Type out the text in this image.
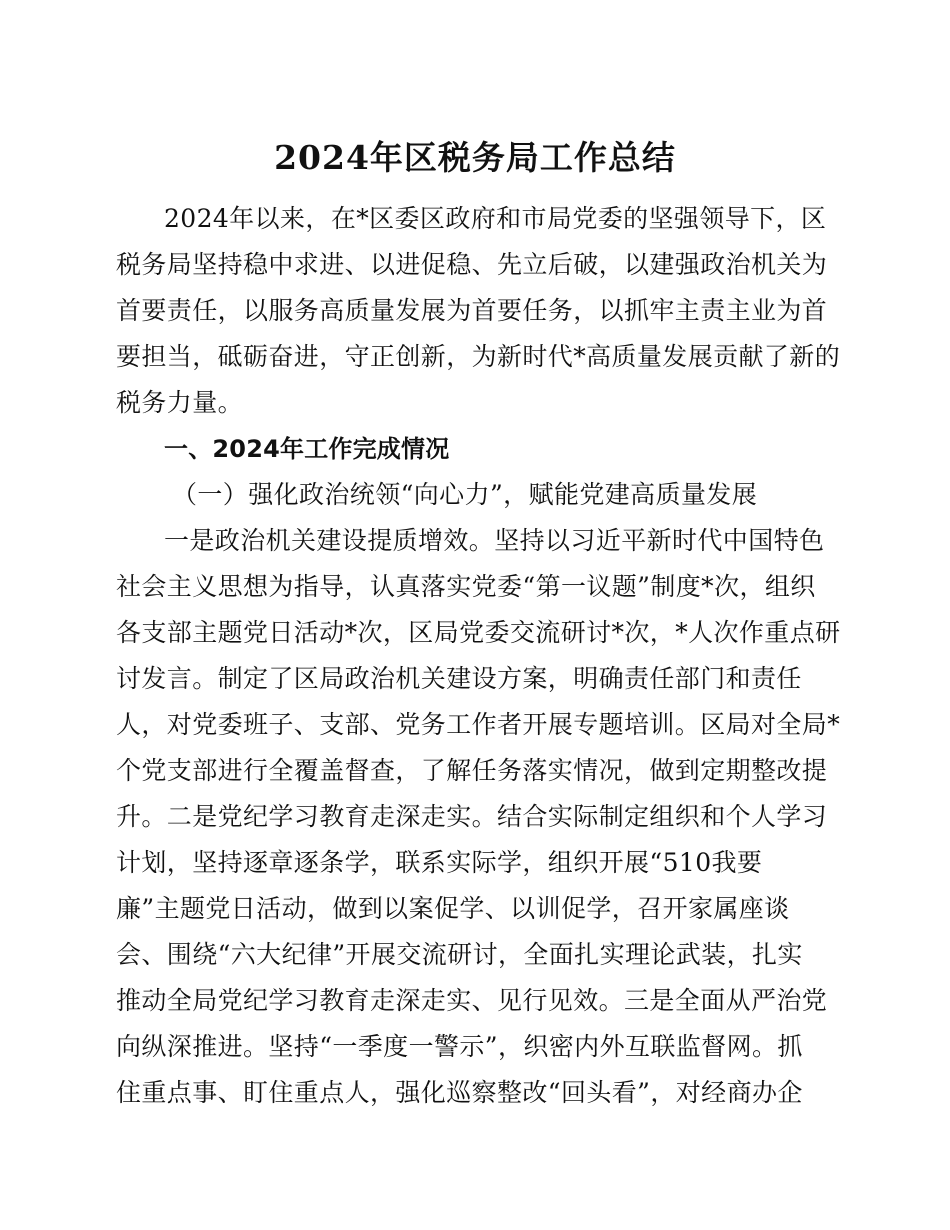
2024年区税务局工作总结
2024年以来，在*区委区政府和市局党委的坚强领导下，区
税务局坚持稳中求进、以进促稳、先立后破，以建强政治机关为
首要责任，以服务高质量发展为首要任务，以抓牢主责主业为首
要担当，砥砺奋进，守正创新，为新时代*高质量发展贡献了新的
税务力量。
一、2024年工作完成情况
（一）强化政治统领“向心力”，赋能党建高质量发展
一是政治机关建设提质增效。坚持以习近平新时代中国特色
社会主义思想为指导，认真落实党委“第一议题”制度*次，组织
各支部主题党日活动*次，区局党委交流研讨*次，*人次作重点研
讨发言。制定了区局政治机关建设方案，明确责任部门和责任
人，对党委班子、支部、党务工作者开展专题培训。区局对全局*
个党支部进行全覆盖督查，了解任务落实情况，做到定期整改提
升。二是党纪学习教育走深走实。结合实际制定组织和个人学习
计划，坚持逐章逐条学，联系实际学，组织开展“510我要
廉”主题党日活动，做到以案促学、以训促学，召开家属座谈
会、围绕“六大纪律”开展交流研讨，全面扎实理论武装，扎实
推动全局党纪学习教育走深走实、见行见效。三是全面从严治党
向纵深推进。坚持“一季度一警示”，织密内外互联监督网。抓
住重点事、盯住重点人，强化巡察整改“回头看”，对经商办企
